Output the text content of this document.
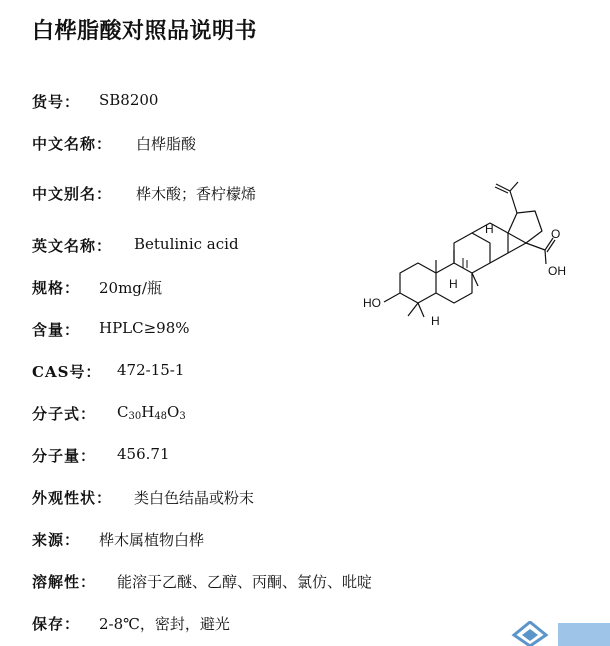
白桦脂酸对照品说明书
货号： SB8200
中文名称： 白桦脂酸
中文别名： 桦木酸；香柠檬烯
英文名称： Betulinic acid
规格： 20mg/瓶
含量： HPLC≥98%
CAS号： 472-15-1
分子式： $C_{30}H_{48}O_3$
分子量： 456.71
外观性状： 类白色结晶或粉末
来源： 桦木属植物白桦
溶解性： 能溶于乙醚、乙醇、丙酮、氯仿、吡啶
保存： 2-8℃，密封，避光
HO
OH
O
H
H
H
